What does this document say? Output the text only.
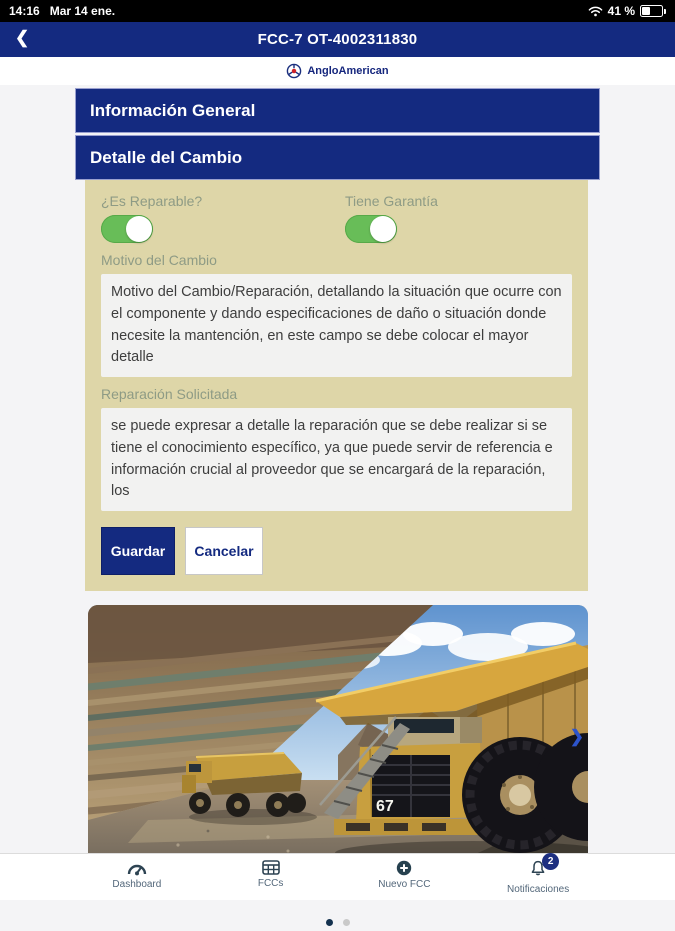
14:16 Mar 14 ene.	41 %
❮	FCC-7 OT-4002311830
AngloAmerican
Información General
Detalle del Cambio
¿Es Reparable?	Tiene Garantía
Motivo del Cambio
Motivo del Cambio/Reparación, detallando la situación que ocurre con el componente y dando especificaciones de daño o situación donde necesite la mantención, en este campo se debe colocar el mayor detalle
Reparación Solicitada
se puede expresar a detalle la reparación que se debe realizar si se tiene el conocimiento específico, ya que puede servir de referencia e información crucial al proveedor que se encargará de la reparación, los
Guardar	Cancelar
67
❯
Dashboard	FCCs	Nuevo FCC
2
Notificaciones
